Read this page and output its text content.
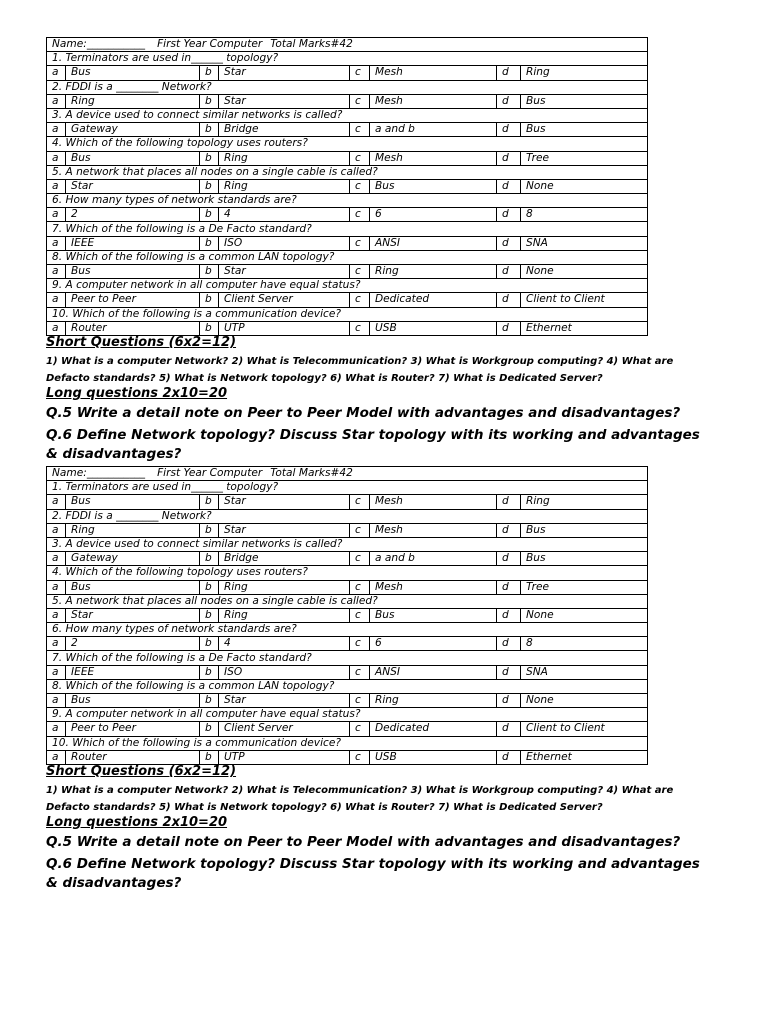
Name:___________ First Year Computer Total Marks#42							
1. Terminators are used in______ topology?							
a	Bus	b	Star	c	Mesh	d	Ring
2. FDDI is a ________ Network?							
a	Ring	b	Star	c	Mesh	d	Bus
3. A device used to connect similar networks is called?							
a	Gateway	b	Bridge	c	a and b	d	Bus
4. Which of the following topology uses routers?							
a	Bus	b	Ring	c	Mesh	d	Tree
5. A network that places all nodes on a single cable is called?							
a	Star	b	Ring	c	Bus	d	None
6. How many types of network standards are?							
a	2	b	4	c	6	d	8
7. Which of the following is a De Facto standard?							
a	IEEE	b	ISO	c	ANSI	d	SNA
8. Which of the following is a common LAN topology?							
a	Bus	b	Star	c	Ring	d	None
9. A computer network in all computer have equal status?							
a	Peer to Peer	b	Client Server	c	Dedicated	d	Client to Client
10. Which of the following is a communication device?							
a	Router	b	UTP	c	USB	d	Ethernet
Short Questions (6x2=12)
1) What is a computer Network? 2) What is Telecommunication? 3) What is Workgroup computing? 4) What are Defacto standards? 5) What is Network topology? 6) What is Router? 7) What is Dedicated Server?
Long questions 2x10=20
Q.5 Write a detail note on Peer to Peer Model with advantages and disadvantages?
Q.6 Define Network topology? Discuss Star topology with its working and advantages & disadvantages?
Name:___________ First Year Computer Total Marks#42							
1. Terminators are used in______ topology?							
a	Bus	b	Star	c	Mesh	d	Ring
2. FDDI is a ________ Network?							
a	Ring	b	Star	c	Mesh	d	Bus
3. A device used to connect similar networks is called?							
a	Gateway	b	Bridge	c	a and b	d	Bus
4. Which of the following topology uses routers?							
a	Bus	b	Ring	c	Mesh	d	Tree
5. A network that places all nodes on a single cable is called?							
a	Star	b	Ring	c	Bus	d	None
6. How many types of network standards are?							
a	2	b	4	c	6	d	8
7. Which of the following is a De Facto standard?							
a	IEEE	b	ISO	c	ANSI	d	SNA
8. Which of the following is a common LAN topology?							
a	Bus	b	Star	c	Ring	d	None
9. A computer network in all computer have equal status?							
a	Peer to Peer	b	Client Server	c	Dedicated	d	Client to Client
10. Which of the following is a communication device?							
a	Router	b	UTP	c	USB	d	Ethernet
Short Questions (6x2=12)
1) What is a computer Network? 2) What is Telecommunication? 3) What is Workgroup computing? 4) What are Defacto standards? 5) What is Network topology? 6) What is Router? 7) What is Dedicated Server?
Long questions 2x10=20
Q.5 Write a detail note on Peer to Peer Model with advantages and disadvantages?
Q.6 Define Network topology? Discuss Star topology with its working and advantages & disadvantages?
